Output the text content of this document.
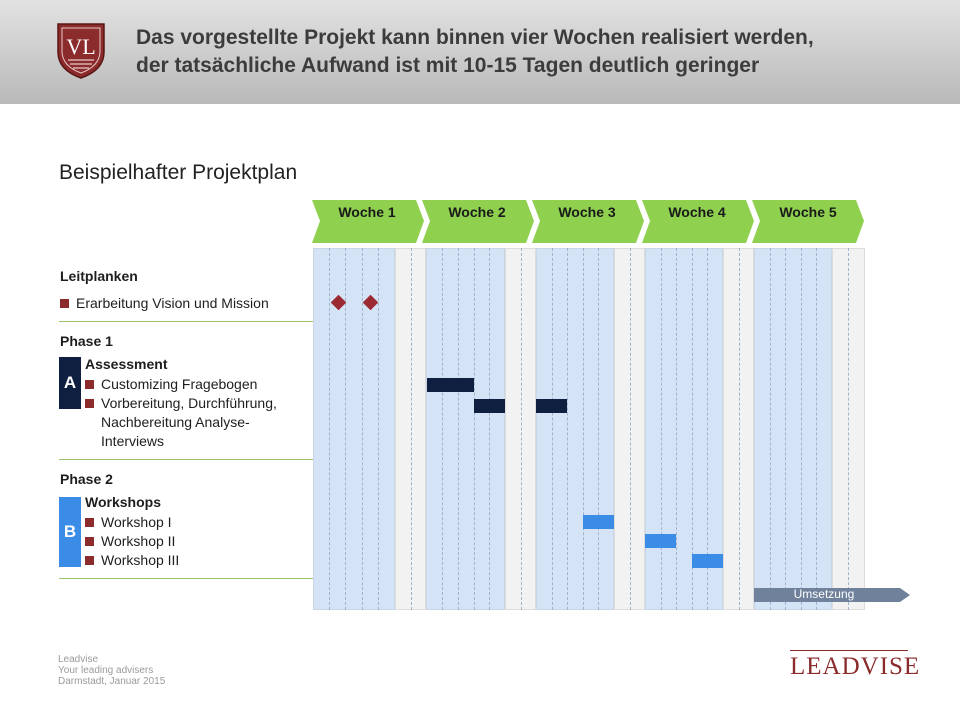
VL Das vorgestellte Projekt kann binnen vier Wochen realisiert werden,
der tatsächliche Aufwand ist mit 10-15 Tagen deutlich geringer
Beispielhafter Projektplan
Woche 1	Woche 2	Woche 3	Woche 4	Woche 5
Leitplanken
Erarbeitung Vision und Mission
Phase 1
A
Assessment
Customizing Fragebogen
Vorbereitung, Durchführung,
Nachbereitung Analyse-
Interviews
Phase 2
B
Workshops
Workshop I
Workshop II
Workshop III
Umsetzung
Leadvise
Your leading advisers
Darmstadt, Januar 2015
LEADVISE
